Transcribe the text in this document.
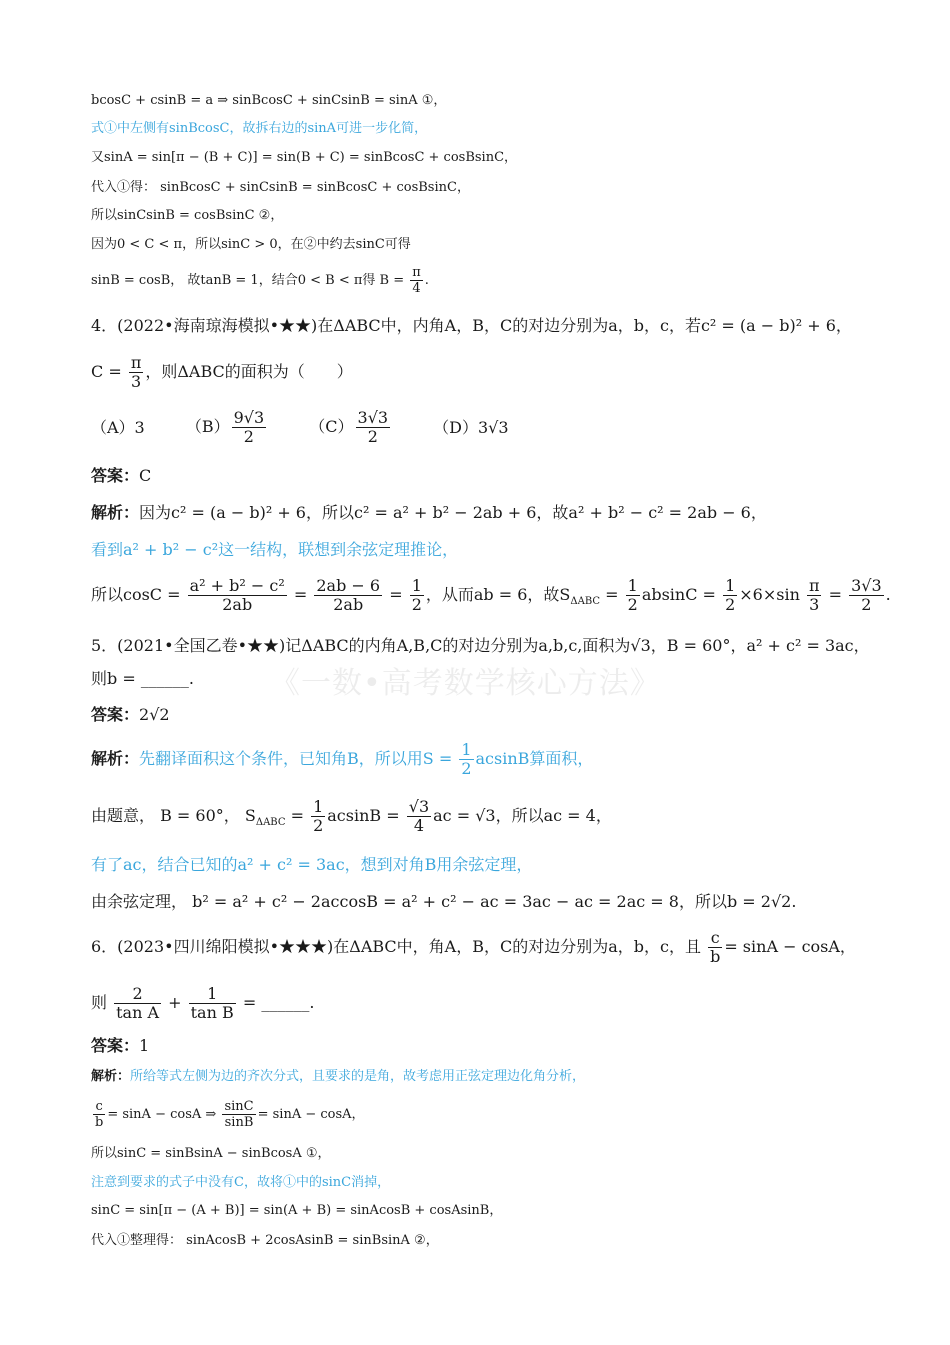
《一数•高考数学核心方法》
bcosC + csinB = a ⇒ sinBcosC + sinCsinB = sinA ①，
式①中左侧有sinBcosC，故拆右边的sinA可进一步化简，
又sinA = sin[π − (B + C)] = sin(B + C) = sinBcosC + cosBsinC，
代入①得： sinBcosC + sinCsinB = sinBcosC + cosBsinC，
所以sinCsinB = cosBsinC ②，
因为0 < C < π，所以sinC > 0，在②中约去sinC可得
sinB = cosB， 故tanB = 1，结合0 < B < π得 $B = \frac{\pi}{4}$ .
4．(2022•海南琼海模拟•★★)在ΔABC中，内角A，B，C的对边分别为a，b，c，若c² = (a − b)² + 6，
$C = \frac{\pi}{3}$ ，则ΔABC的面积为（　　）
（A）3	$(B) \frac{9√3}{2}$	$(C) \frac{3√3}{2}$	（D）3√3
答案：C
解析：因为c² = (a − b)² + 6，所以c² = a² + b² − 2ab + 6，故a² + b² − c² = 2ab − 6，
看到a² + b² − c²这一结构，联想到余弦定理推论，
所以$\cos C = \frac{\text{a² + b² − c²}}{2ab} = \frac{2ab - 6}{2ab} = \frac{1}{2}$ ，从而ab = 6，故$S_{\Delta ABC} = \frac{1}{2}$ $absinC = \frac{1}{2} \times 6\times\sin \frac{\pi}{3} = \frac{3√3}{2}$ .
5．(2021•全国乙卷•★★)记ΔABC的内角A,B,C的对边分别为a,b,c,面积为√3，B = 60°，a² + c² = 3ac，
则b = ______.
答案：2√2
解析：先翻译面积这个条件，已知角B，所以用$S = \frac{1}{2}$ acsinB算面积，
由题意， B = 60°， $S_{\Delta ABC} = \frac{1}{2}$ $acsinB = \frac{√3}{4}$ ac = √3，所以ac = 4，
有了ac，结合已知的a² + c² = 3ac，想到对角B用余弦定理，
由余弦定理， b² = a² + c² − 2accosB = a² + c² − ac = 3ac − ac = 2ac = 8，所以b = 2√2.
6．(2023•四川绵阳模拟•★★★)在ΔABC中，角A，B，C的对边分别为a，b，c，且 $\frac{c}{b} = \sin A - \cos A$，
则 $\frac{2}{\text{tan A}} + \frac{1}{\text{tan B}}$ = ______.
答案：1
解析：所给等式左侧为边的齐次分式，且要求的是角，故考虑用正弦定理边化角分析，
$\frac{c}{b} = \sin A - \cos A$ ⇒ $\frac{\sin C}{\sin B} = \sin A - \cos A$，
所以sinC = sinBsinA − sinBcosA ①，
注意到要求的式子中没有C，故将①中的sinC消掉，
sinC = sin[π − (A + B)] = sin(A + B) = sinAcosB + cosAsinB，
代入①整理得： sinAcosB + 2cosAsinB = sinBsinA ②，
